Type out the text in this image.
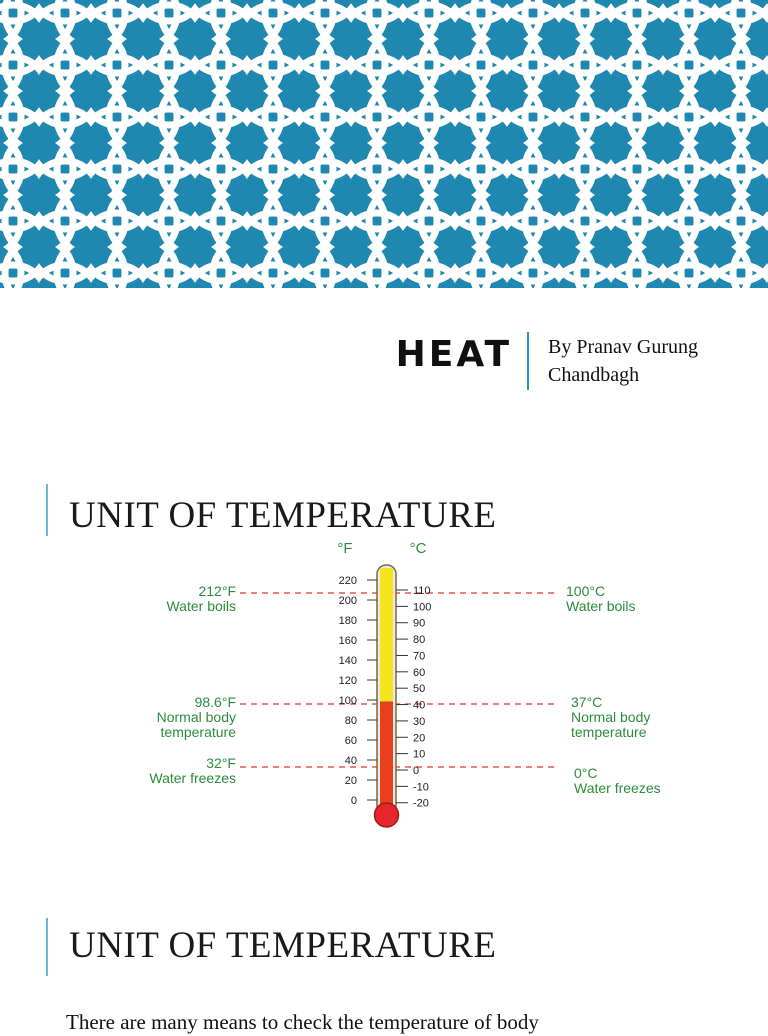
HEAT By Pranav Gurung
Chandbagh
UNIT OF TEMPERATURE
°F	°C
220
200
180
160
140
120
100
80
60
40
20
0
110
100
90
80
70
60
50
40
30
20
10
0
-10
-20
212°F Water boils
98.6°F Normal body temperature
32°F Water freezes
100°C Water boils
37°C Normal body temperature
0°C Water freezes
UNIT OF TEMPERATURE
There are many means to check the temperature of body
